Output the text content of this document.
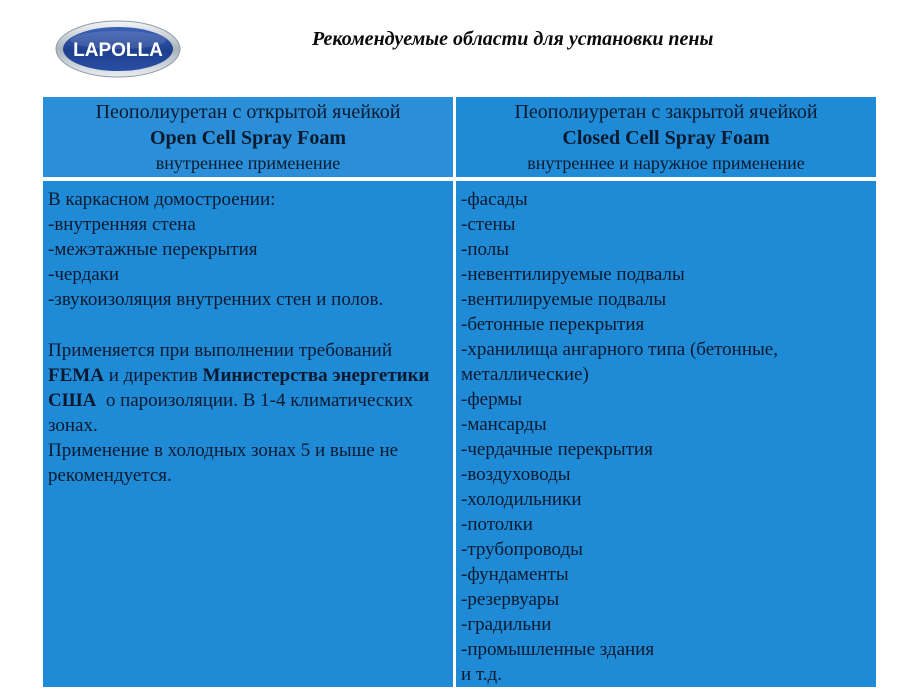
LAPOLLA
Рекомендуемые области для установки пены
Пеополиуретан с открытой ячейкой
Open Cell Spray Foam
внутреннее применение
Пеополиуретан с закрытой ячейкой
Closed Cell Spray Foam
внутреннее и наружное применение
В каркасном домостроении:
-внутренняя стена
-межэтажные перекрытия
-чердаки
-звукоизоляция внутренних стен и полов.
Применяется при выполнении требований FEMA и директив Министерства энергетики США о пароизоляции. В 1-4 климатических зонах.
Применение в холодных зонах 5 и выше не рекомендуется.
-фасады
-стены
-полы
-невентилируемые подвалы
-вентилируемые подвалы
-бетонные перекрытия
-хранилища ангарного типа (бетонные,
металлические)
-фермы
-мансарды
-чердачные перекрытия
-воздуховоды
-холодильники
-потолки
-трубопроводы
-фундаменты
-резервуары
-градильни
-промышленные здания
и т.д.
